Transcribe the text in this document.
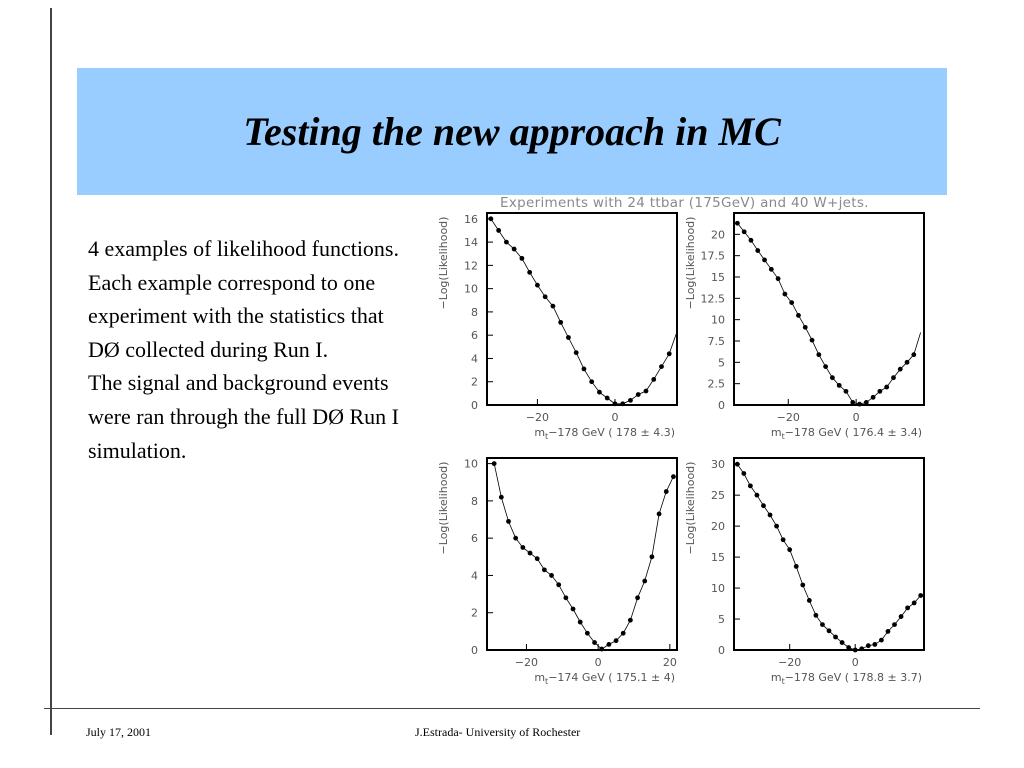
Testing the new approach in MC

4 examples of likelihood functions. Each example correspond to one experiment with the statistics that DØ collected during Run I.

The signal and background events were ran through the full DØ Run I simulation.

Experiments with 24 ttbar (175GeV) and 40 W+jets.
0
2
4
6
8
10
12
14
16
−20	0
−Log(Likelihood)
$m_t-178$ GeV ( 178 ± 4.3)
0
2.5
5
7.5
10
12.5
15
17.5
20
−20	0
−Log(Likelihood)
$m_t-178$ GeV ( 176.4 ± 3.4)
0
2
4
6
8
10
−20	0	20
−Log(Likelihood)
$m_t-174$ GeV ( 175.1 ± 4)
0
5
10
15
20
25
30
−20	0
−Log(Likelihood)
$m_t-178$ GeV ( 178.8 ± 3.7)
July 17, 2001	J.Estrada- University of Rochester
